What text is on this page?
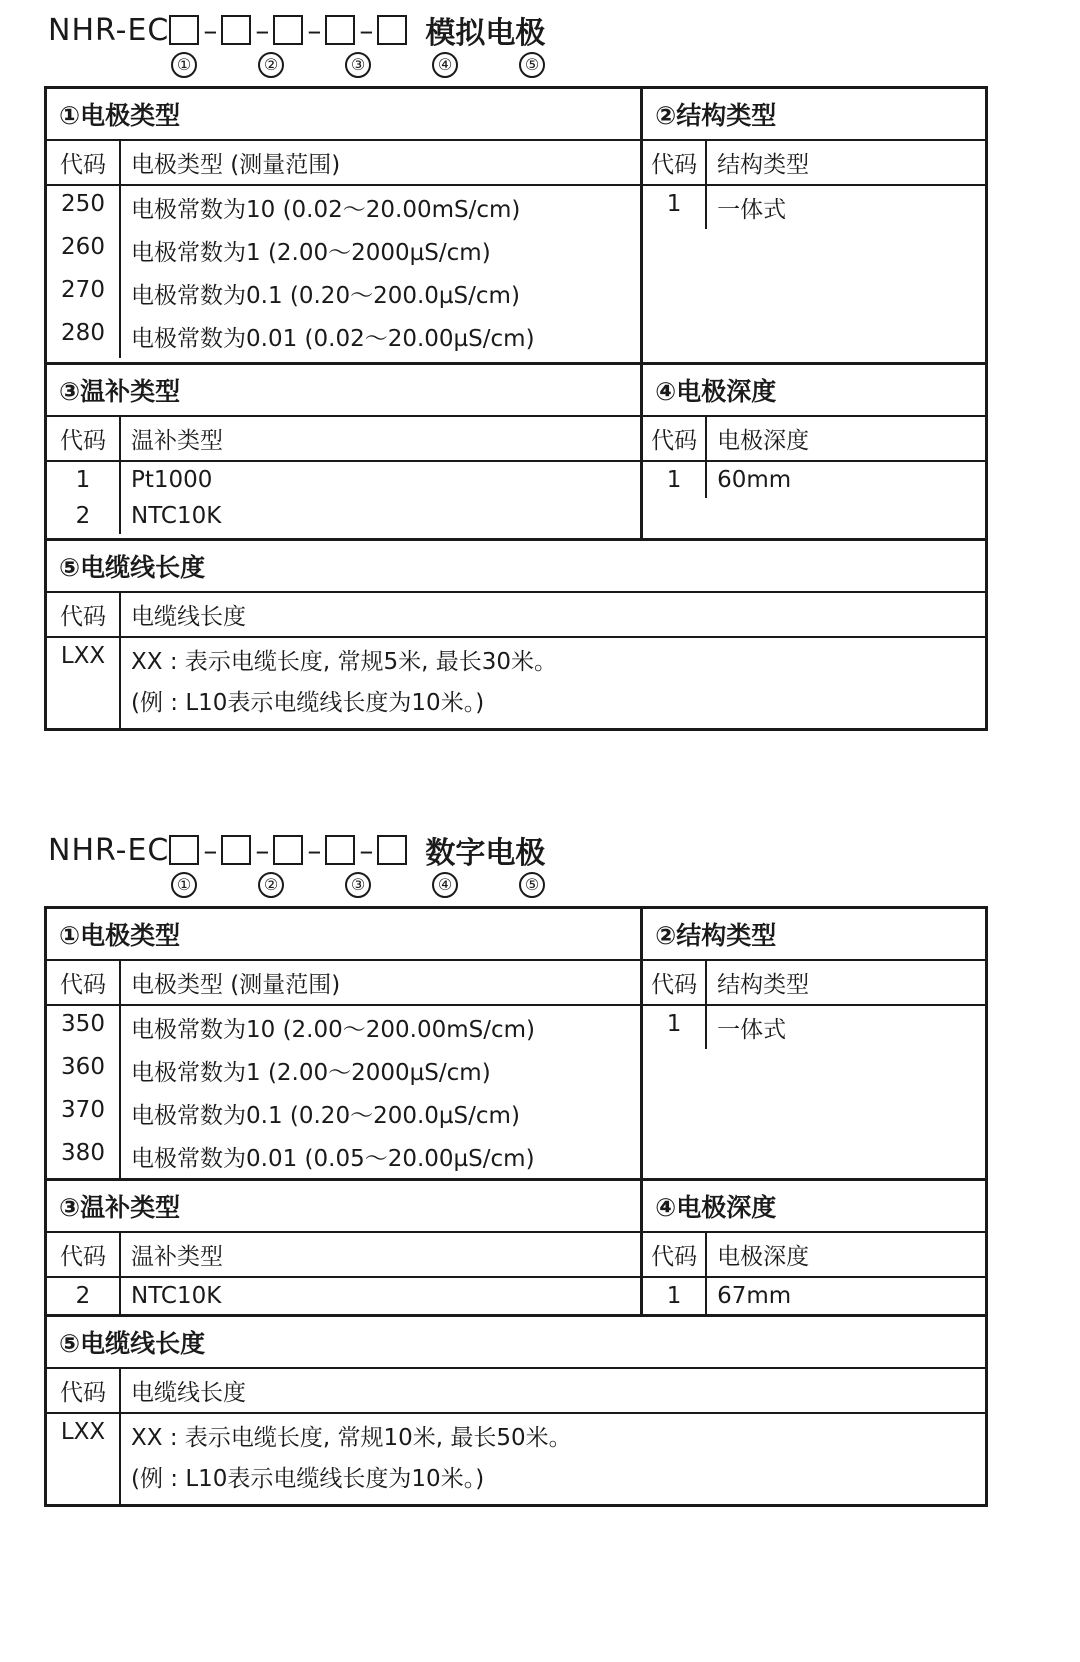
NHR-EC – – – – 模拟电极
①	②	③	④	⑤
①电极类型
代码	电极类型 (测量范围)
250	电极常数为10 (0.02～20.00mS/cm)
260	电极常数为1 (2.00～2000µS/cm)
270	电极常数为0.1 (0.20～200.0µS/cm)
280	电极常数为0.01 (0.02～20.00µS/cm)
②结构类型
代码 结构类型
1	一体式
③温补类型
代码	温补类型
1	Pt1000
2	NTC10K
④电极深度
代码 电极深度
1	60mm
⑤电缆线长度
代码	电缆线长度
LXX	XX : 表示电缆长度, 常规5米, 最长30米。
(例 : L10表示电缆线长度为10米。)
NHR-EC – – – – 数字电极
①	②	③	④	⑤
①电极类型
代码	电极类型 (测量范围)
350	电极常数为10 (2.00～200.00mS/cm)
360	电极常数为1 (2.00～2000µS/cm)
370	电极常数为0.1 (0.20～200.0µS/cm)
380	电极常数为0.01 (0.05～20.00µS/cm)
②结构类型
代码 结构类型
1	一体式
③温补类型
代码	温补类型
2	NTC10K
④电极深度
代码 电极深度
1	67mm
⑤电缆线长度
代码	电缆线长度
LXX	XX : 表示电缆长度, 常规10米, 最长50米。
(例 : L10表示电缆线长度为10米。)
